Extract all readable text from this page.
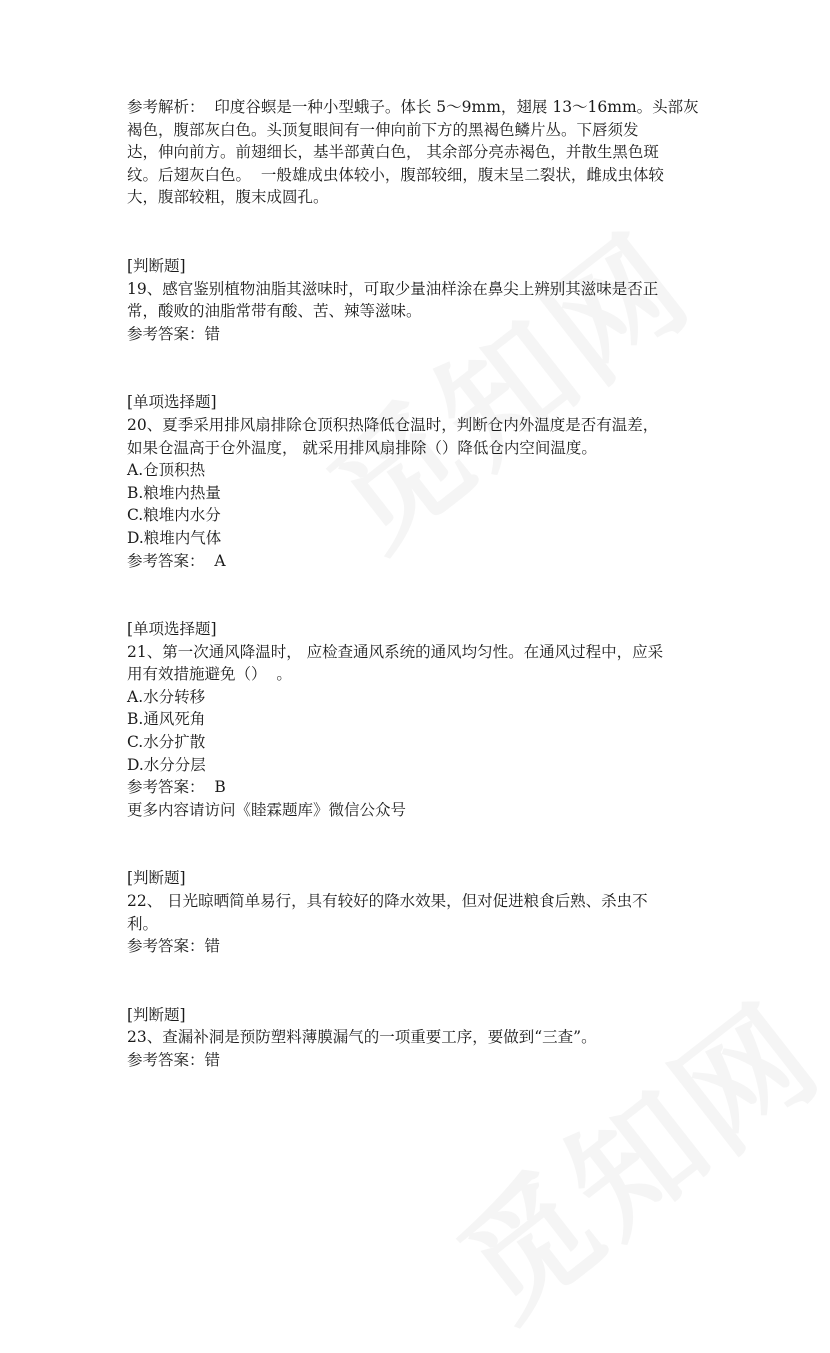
参考解析：  印度谷螟是一种小型蛾子。体长 5～9mm，翅展 13～16mm。头部灰

褐色，腹部灰白色。头顶复眼间有一伸向前下方的黑褐色鳞片丛。下唇须发

达，伸向前方。前翅细长，基半部黄白色， 其余部分亮赤褐色，并散生黑色斑

纹。后翅灰白色。  一般雄成虫体较小，腹部较细，腹末呈二裂状，雌成虫体较

大，腹部较粗，腹末成圆孔。

[判断题]

19、感官鉴别植物油脂其滋味时，可取少量油样涂在鼻尖上辨别其滋味是否正

常，酸败的油脂常带有酸、苦、辣等滋味。

参考答案：错

[单项选择题]

20、夏季采用排风扇排除仓顶积热降低仓温时，判断仓内外温度是否有温差，

如果仓温高于仓外温度， 就采用排风扇排除（）降低仓内空间温度。

A.仓顶积热

B.粮堆内热量

C.粮堆内水分

D.粮堆内气体

参考答案：  A

[单项选择题]

21、第一次通风降温时， 应检查通风系统的通风均匀性。在通风过程中，应采

用有效措施避免（）  。

A.水分转移

B.通风死角

C.水分扩散

D.水分分层

参考答案：  B

更多内容请访问《睦霖题库》微信公众号

[判断题]

22、 日光晾晒简单易行，具有较好的降水效果，但对促进粮食后熟、杀虫不

利。

参考答案：错

[判断题]

23、查漏补洞是预防塑料薄膜漏气的一项重要工序，要做到“三查”。

参考答案：错
